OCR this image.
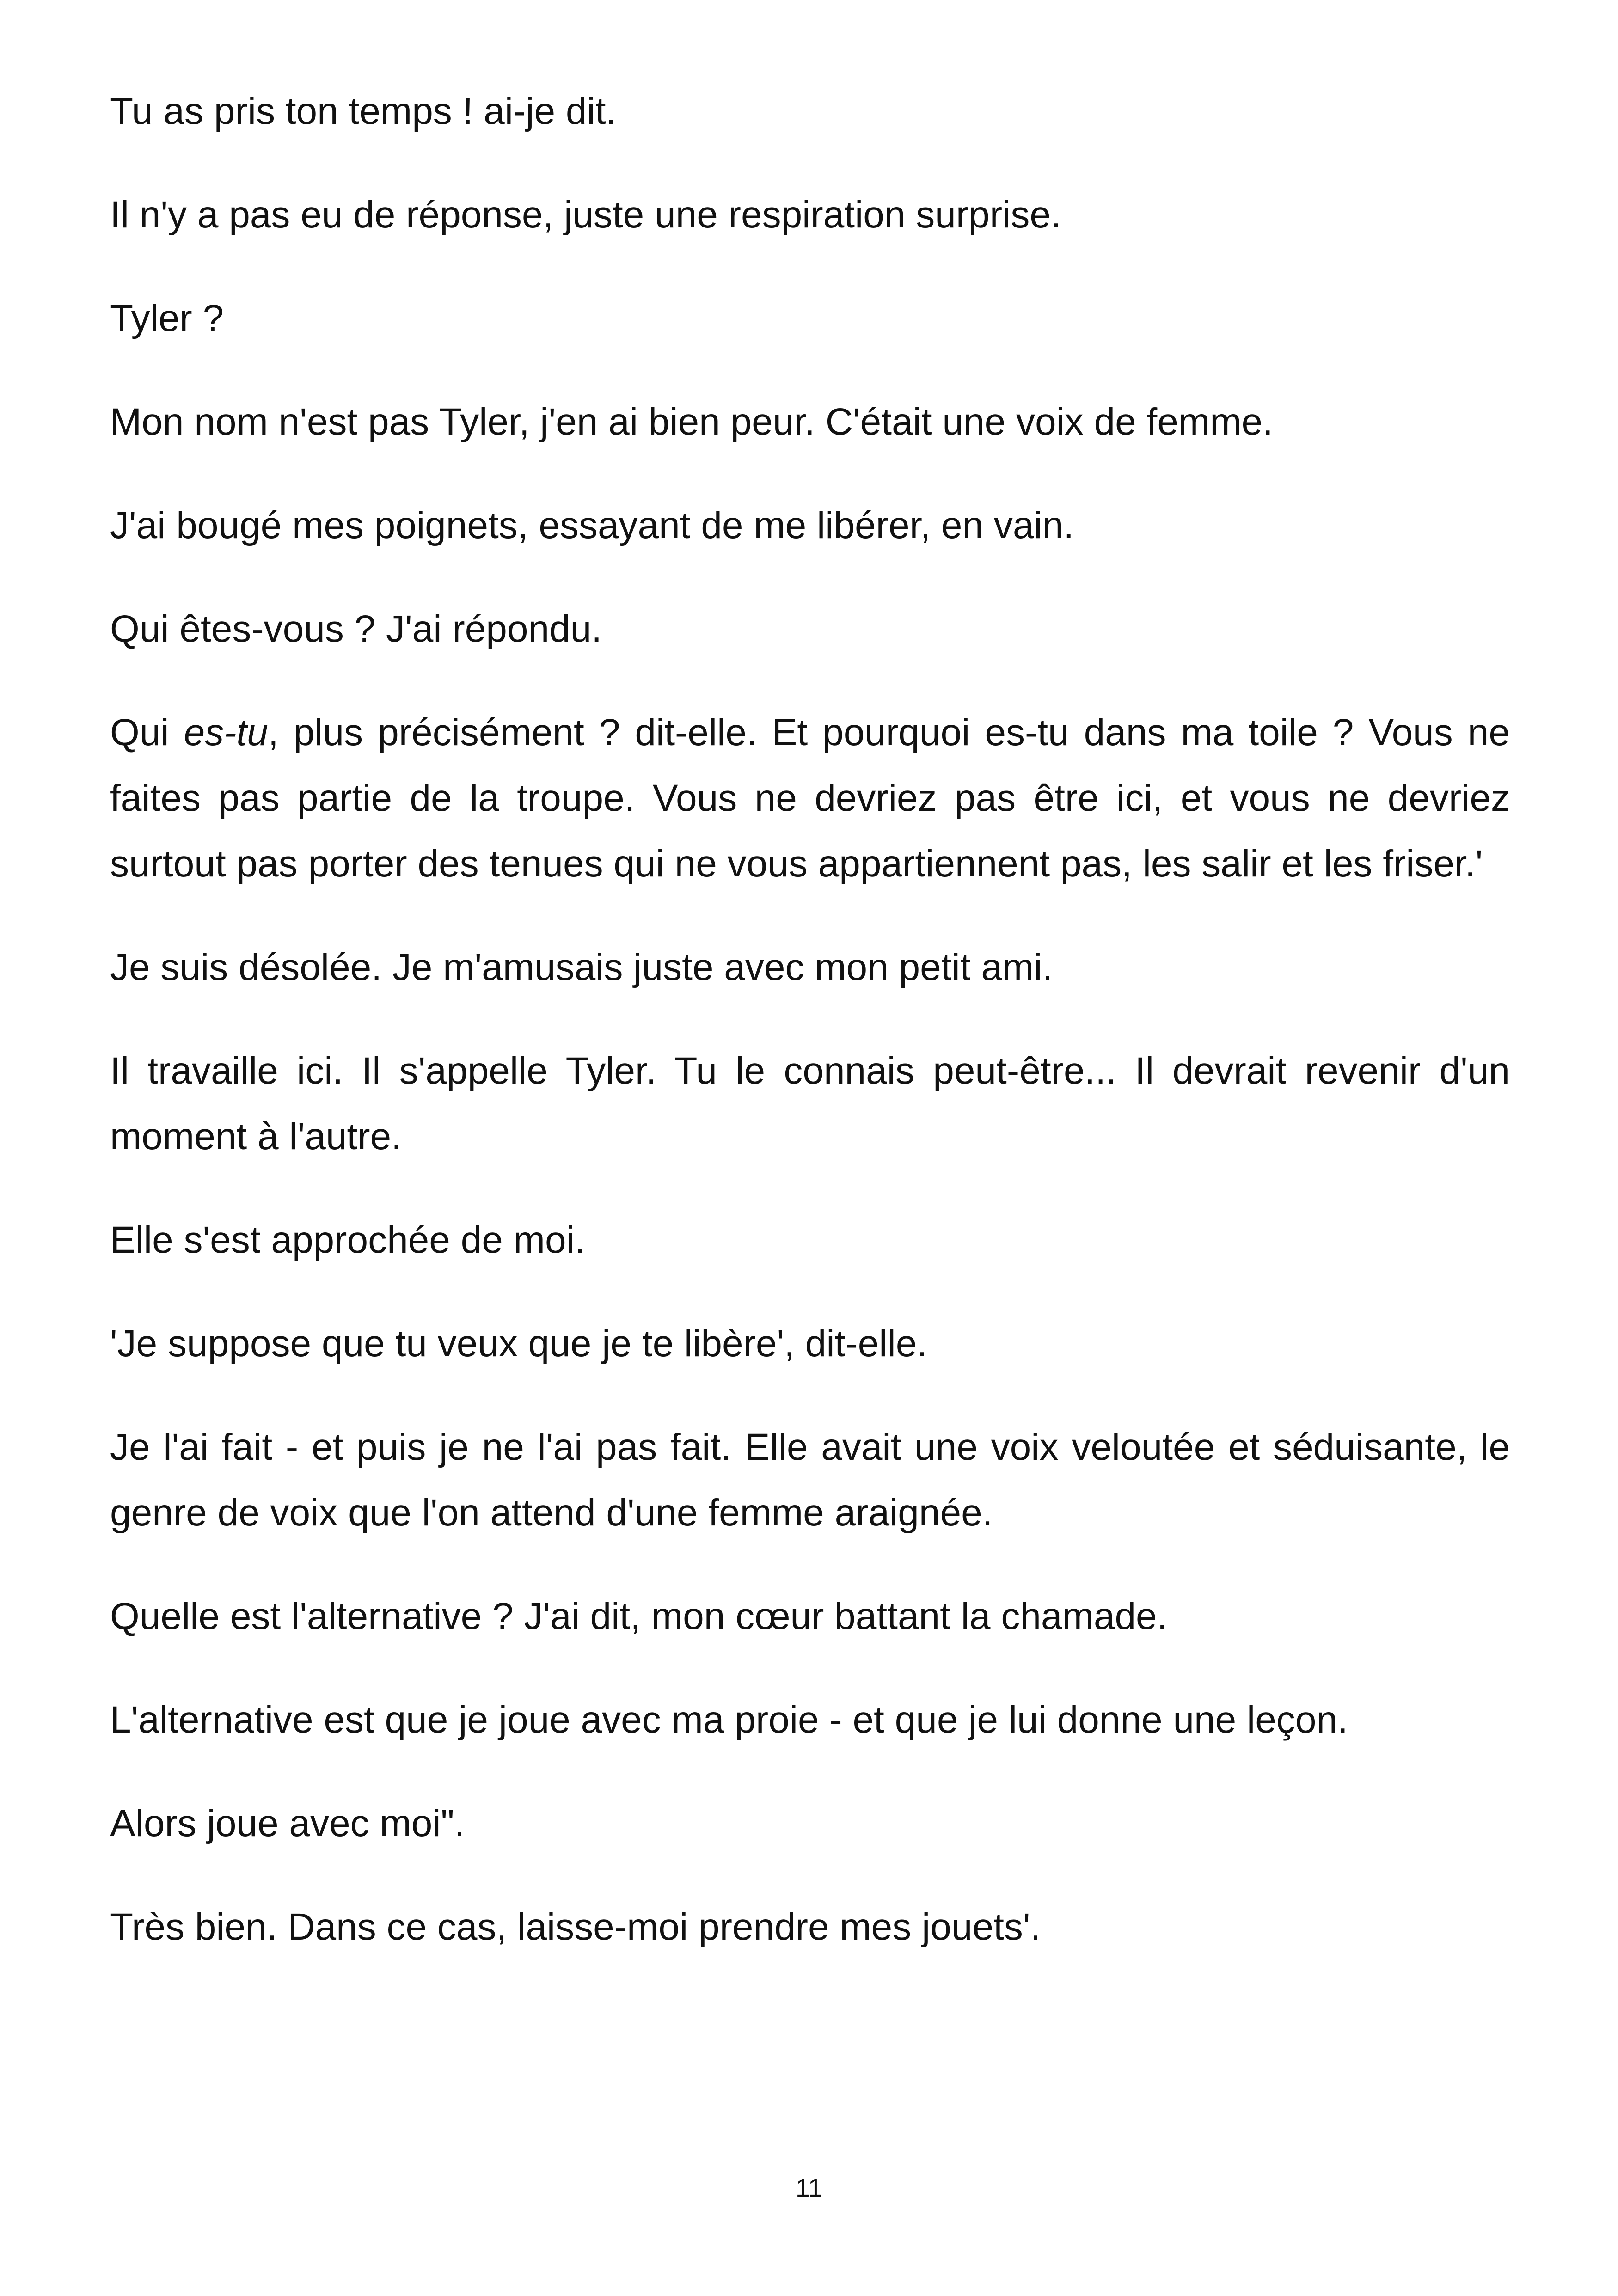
Tu as pris ton temps ! ai-je dit.

Il n'y a pas eu de réponse, juste une respiration surprise.

Tyler ?

Mon nom n'est pas Tyler, j'en ai bien peur. C'était une voix de femme.

J'ai bougé mes poignets, essayant de me libérer, en vain.

Qui êtes-vous ? J'ai répondu.

Qui es-tu, plus précisément ? dit-elle. Et pourquoi es-tu dans ma toile ? Vous ne faites pas partie de la troupe. Vous ne devriez pas être ici, et vous ne devriez surtout pas porter des tenues qui ne vous appartiennent pas, les salir et les friser.'

Je suis désolée. Je m'amusais juste avec mon petit ami.

Il travaille ici. Il s'appelle Tyler. Tu le connais peut-être... Il devrait revenir d'un moment à l'autre.

Elle s'est approchée de moi.

'Je suppose que tu veux que je te libère', dit-elle.

Je l'ai fait - et puis je ne l'ai pas fait. Elle avait une voix veloutée et séduisante, le genre de voix que l'on attend d'une femme araignée.

Quelle est l'alternative ? J'ai dit, mon cœur battant la chamade.

L'alternative est que je joue avec ma proie - et que je lui donne une leçon.

Alors joue avec moi".

Très bien. Dans ce cas, laisse-moi prendre mes jouets'.

11
